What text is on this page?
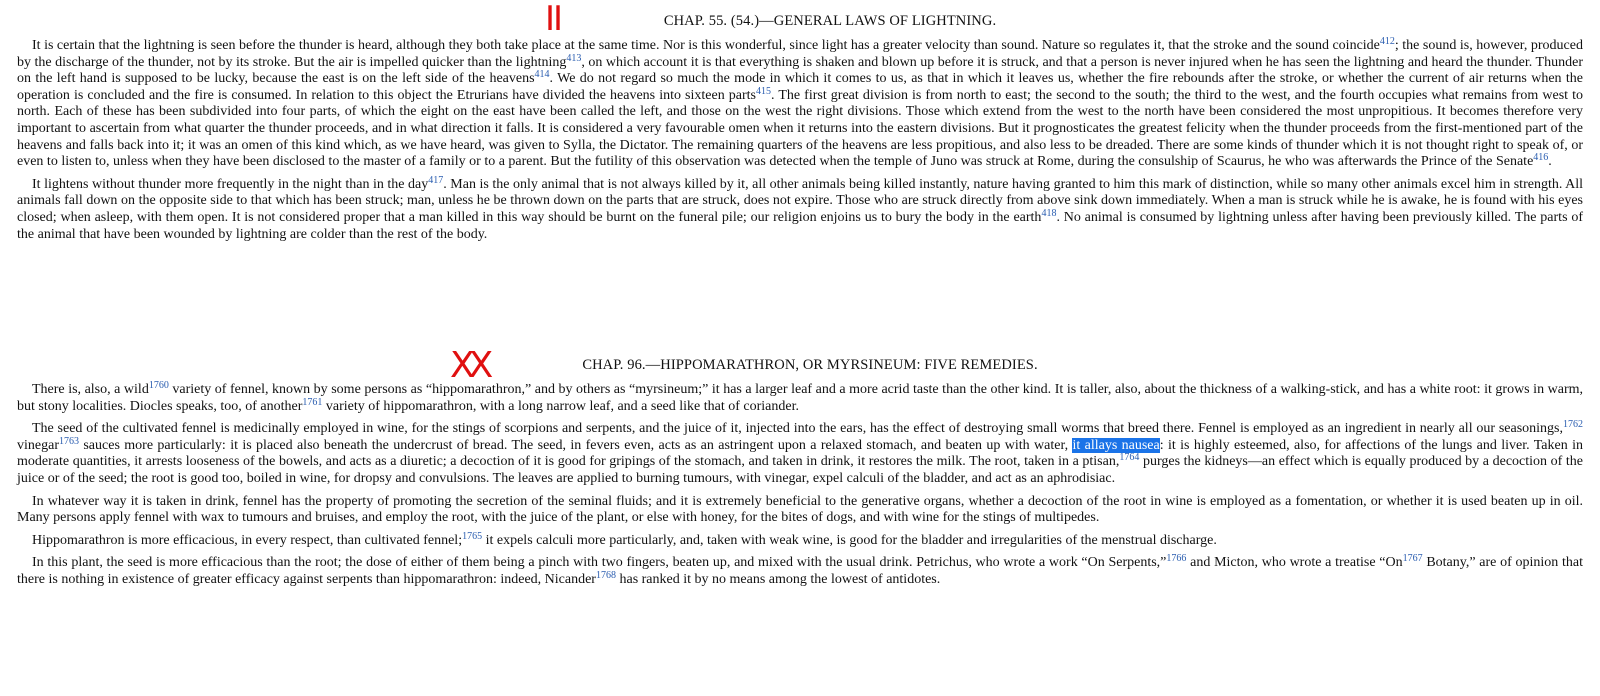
II	CHAP. 55. (54.)—GENERAL LAWS OF LIGHTNING.

It is certain that the lightning is seen before the thunder is heard, although they both take place at the same time. Nor is this wonderful, since light has a greater velocity than sound. Nature so regulates it, that the stroke and the sound coincide$^{412}$; the sound is, however, produced by the discharge of the thunder, not by its stroke. But the air is impelled quicker than the lightning$^{413}$, on which account it is that everything is shaken and blown up before it is struck, and that a person is never injured when he has seen the lightning and heard the thunder. Thunder on the left hand is supposed to be lucky, because the east is on the left side of the heavens$^{414}$. We do not regard so much the mode in which it comes to us, as that in which it leaves us, whether the fire rebounds after the stroke, or whether the current of air returns when the operation is concluded and the fire is consumed. In relation to this object the Etrurians have divided the heavens into sixteen parts$^{415}$. The first great division is from north to east; the second to the south; the third to the west, and the fourth occupies what remains from west to north. Each of these has been subdivided into four parts, of which the eight on the east have been called the left, and those on the west the right divisions. Those which extend from the west to the north have been considered the most unpropitious. It becomes therefore very important to ascertain from what quarter the thunder proceeds, and in what direction it falls. It is considered a very favourable omen when it returns into the eastern divisions. But it prognosticates the greatest felicity when the thunder proceeds from the first-mentioned part of the heavens and falls back into it; it was an omen of this kind which, as we have heard, was given to Sylla, the Dictator. The remaining quarters of the heavens are less propitious, and also less to be dreaded. There are some kinds of thunder which it is not thought right to speak of, or even to listen to, unless when they have been disclosed to the master of a family or to a parent. But the futility of this observation was detected when the temple of Juno was struck at Rome, during the consulship of Scaurus, he who was afterwards the Prince of the Senate$^{416}$.

It lightens without thunder more frequently in the night than in the day$^{417}$. Man is the only animal that is not always killed by it, all other animals being killed instantly, nature having granted to him this mark of distinction, while so many other animals excel him in strength. All animals fall down on the opposite side to that which has been struck; man, unless he be thrown down on the parts that are struck, does not expire. Those who are struck directly from above sink down immediately. When a man is struck while he is awake, he is found with his eyes closed; when asleep, with them open. It is not considered proper that a man killed in this way should be burnt on the funeral pile; our religion enjoins us to bury the body in the earth$^{418}$. No animal is consumed by lightning unless after having been previously killed. The parts of the animal that have been wounded by lightning are colder than the rest of the body.

XX	CHAP. 96.—HIPPOMARATHRON, OR MYRSINEUM: FIVE REMEDIES.

There is, also, a wild$^{1760}$ variety of fennel, known by some persons as “hippomarathron,” and by others as “myrsineum;” it has a larger leaf and a more acrid taste than the other kind. It is taller, also, about the thickness of a walking-stick, and has a white root: it grows in warm, but stony localities. Diocles speaks, too, of another$^{1761}$ variety of hippomarathron, with a long narrow leaf, and a seed like that of coriander.

The seed of the cultivated fennel is medicinally employed in wine, for the stings of scorpions and serpents, and the juice of it, injected into the ears, has the effect of destroying small worms that breed there. Fennel is employed as an ingredient in nearly all our seasonings,$^{1762}$ vinegar$^{1763}$ sauces more particularly: it is placed also beneath the undercrust of bread. The seed, in fevers even, acts as an astringent upon a relaxed stomach, and beaten up with water, it allays nausea: it is highly esteemed, also, for affections of the lungs and liver. Taken in moderate quantities, it arrests looseness of the bowels, and acts as a diuretic; a decoction of it is good for gripings of the stomach, and taken in drink, it restores the milk. The root, taken in a ptisan,$^{1764}$ purges the kidneys—an effect which is equally produced by a decoction of the juice or of the seed; the root is good too, boiled in wine, for dropsy and convulsions. The leaves are applied to burning tumours, with vinegar, expel calculi of the bladder, and act as an aphrodisiac.

In whatever way it is taken in drink, fennel has the property of promoting the secretion of the seminal fluids; and it is extremely beneficial to the generative organs, whether a decoction of the root in wine is employed as a fomentation, or whether it is used beaten up in oil. Many persons apply fennel with wax to tumours and bruises, and employ the root, with the juice of the plant, or else with honey, for the bites of dogs, and with wine for the stings of multipedes.

Hippomarathron is more efficacious, in every respect, than cultivated fennel;$^{1765}$ it expels calculi more particularly, and, taken with weak wine, is good for the bladder and irregularities of the menstrual discharge.

In this plant, the seed is more efficacious than the root; the dose of either of them being a pinch with two fingers, beaten up, and mixed with the usual drink. Petrichus, who wrote a work “On Serpents,”$^{1766}$ and Micton, who wrote a treatise “On$^{1767}$ Botany,” are of opinion that there is nothing in existence of greater efficacy against serpents than hippomarathron: indeed, Nicander$^{1768}$ has ranked it by no means among the lowest of antidotes.
